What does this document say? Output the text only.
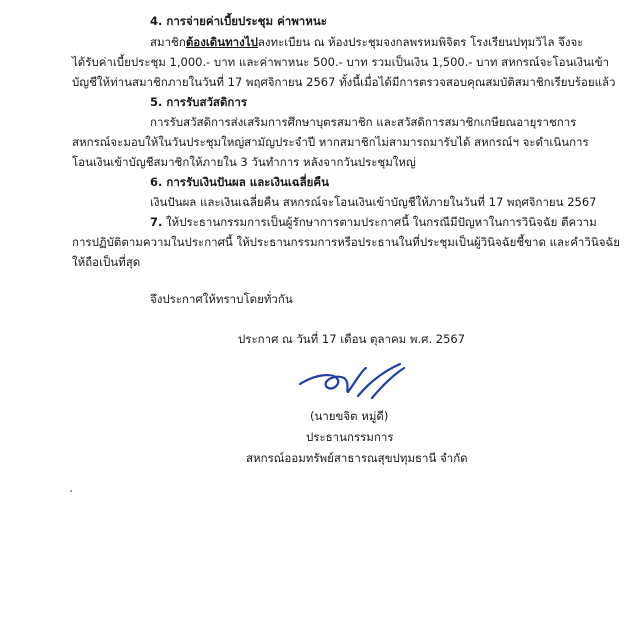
4. การจ่ายค่าเบี้ยประชุม ค่าพาหนะ
สมาชิกต้องเดินทางไปลงทะเบียน ณ ห้องประชุมจงกลพรหมพิจิตร โรงเรียนปทุมวิไล จึงจะ
ได้รับค่าเบี้ยประชุม 1,000.- บาท และค่าพาหนะ 500.- บาท รวมเป็นเงิน 1,500.- บาท สหกรณ์จะโอนเงินเข้า
บัญชีให้ท่านสมาชิกภายในวันที่ 17 พฤศจิกายน 2567 ทั้งนี้เมื่อได้มีการตรวจสอบคุณสมบัติสมาชิกเรียบร้อยแล้ว
5. การรับสวัสดิการ
การรับสวัสดิการส่งเสริมการศึกษาบุตรสมาชิก และสวัสดิการสมาชิกเกษียณอายุราชการ
สหกรณ์จะมอบให้ในวันประชุมใหญ่สามัญประจำปี หากสมาชิกไม่สามารถมารับได้ สหกรณ์ฯ จะดำเนินการ
โอนเงินเข้าบัญชีสมาชิกให้ภายใน 3 วันทำการ หลังจากวันประชุมใหญ่
6. การรับเงินปันผล และเงินเฉลี่ยคืน
เงินปันผล และเงินเฉลี่ยคืน สหกรณ์จะโอนเงินเข้าบัญชีให้ภายในวันที่ 17 พฤศจิกายน 2567
7. ให้ประธานกรรมการเป็นผู้รักษาการตามประกาศนี้ ในกรณีมีปัญหาในการวินิจฉัย ตีความ
การปฏิบัติตามความในประกาศนี้ ให้ประธานกรรมการหรือประธานในที่ประชุมเป็นผู้วินิจฉัยชี้ขาด และคำวินิจฉัย
ให้ถือเป็นที่สุด
จึงประกาศให้ทราบโดยทั่วกัน
ประกาศ ณ วันที่ 17 เดือน ตุลาคม พ.ศ. 2567
(นายขจิต หมู่ดี)
ประธานกรรมการ
สหกรณ์ออมทรัพย์สาธารณสุขปทุมธานี จำกัด
